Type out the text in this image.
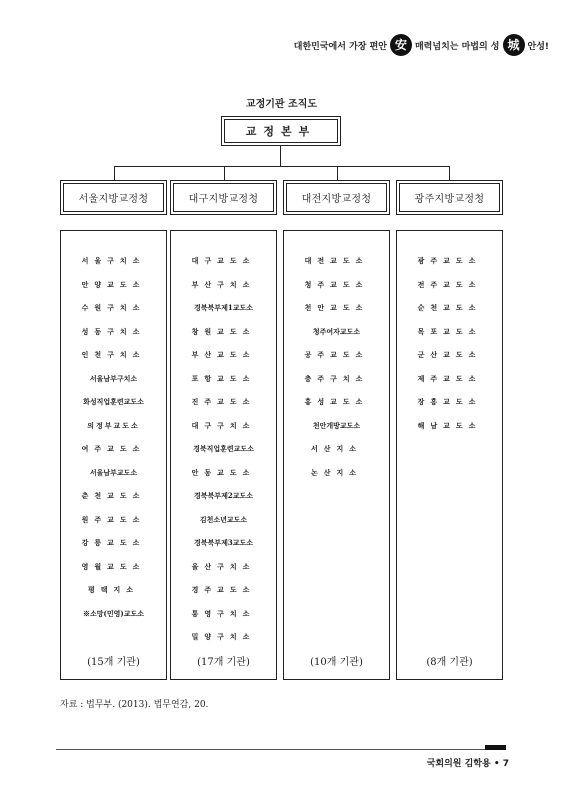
대한민국에서 가장 편안 安 매력넘치는 마법의 성 城 안성!
교정기관 조직도
교정본부
서울지방교정청
서울구치소
안양교도소
수원구치소
성동구치소
인천구치소
서울남부구치소
화성직업훈련교도소
의정부교도소
여주교도소
서울남부교도소
춘천교도소
원주교도소
강릉교도소
영월교도소
평택지소
※소망(민영)교도소
(15개 기관)
대구지방교정청
대구교도소
부산구치소
경북북부제1교도소
창원교도소
부산교도소
포항교도소
진주교도소
대구구치소
경북직업훈련교도소
안동교도소
경북북부제2교도소
김천소년교도소
경북북부제3교도소
울산구치소
경주교도소
통영구치소
밀양구치소
(17개 기관)
대전지방교정청
대전교도소
청주교도소
천안교도소
청주여자교도소
공주교도소
충주구치소
홍성교도소
천안개방교도소
서산지소
논산지소
(10개 기관)
광주지방교정청
광주교도소
전주교도소
순천교도소
목포교도소
군산교도소
제주교도소
장흥교도소
해남교도소
(8개 기관)
자료 : 법무부. (2013). 법무연감, 20.
국회의원 김학용 • 7
